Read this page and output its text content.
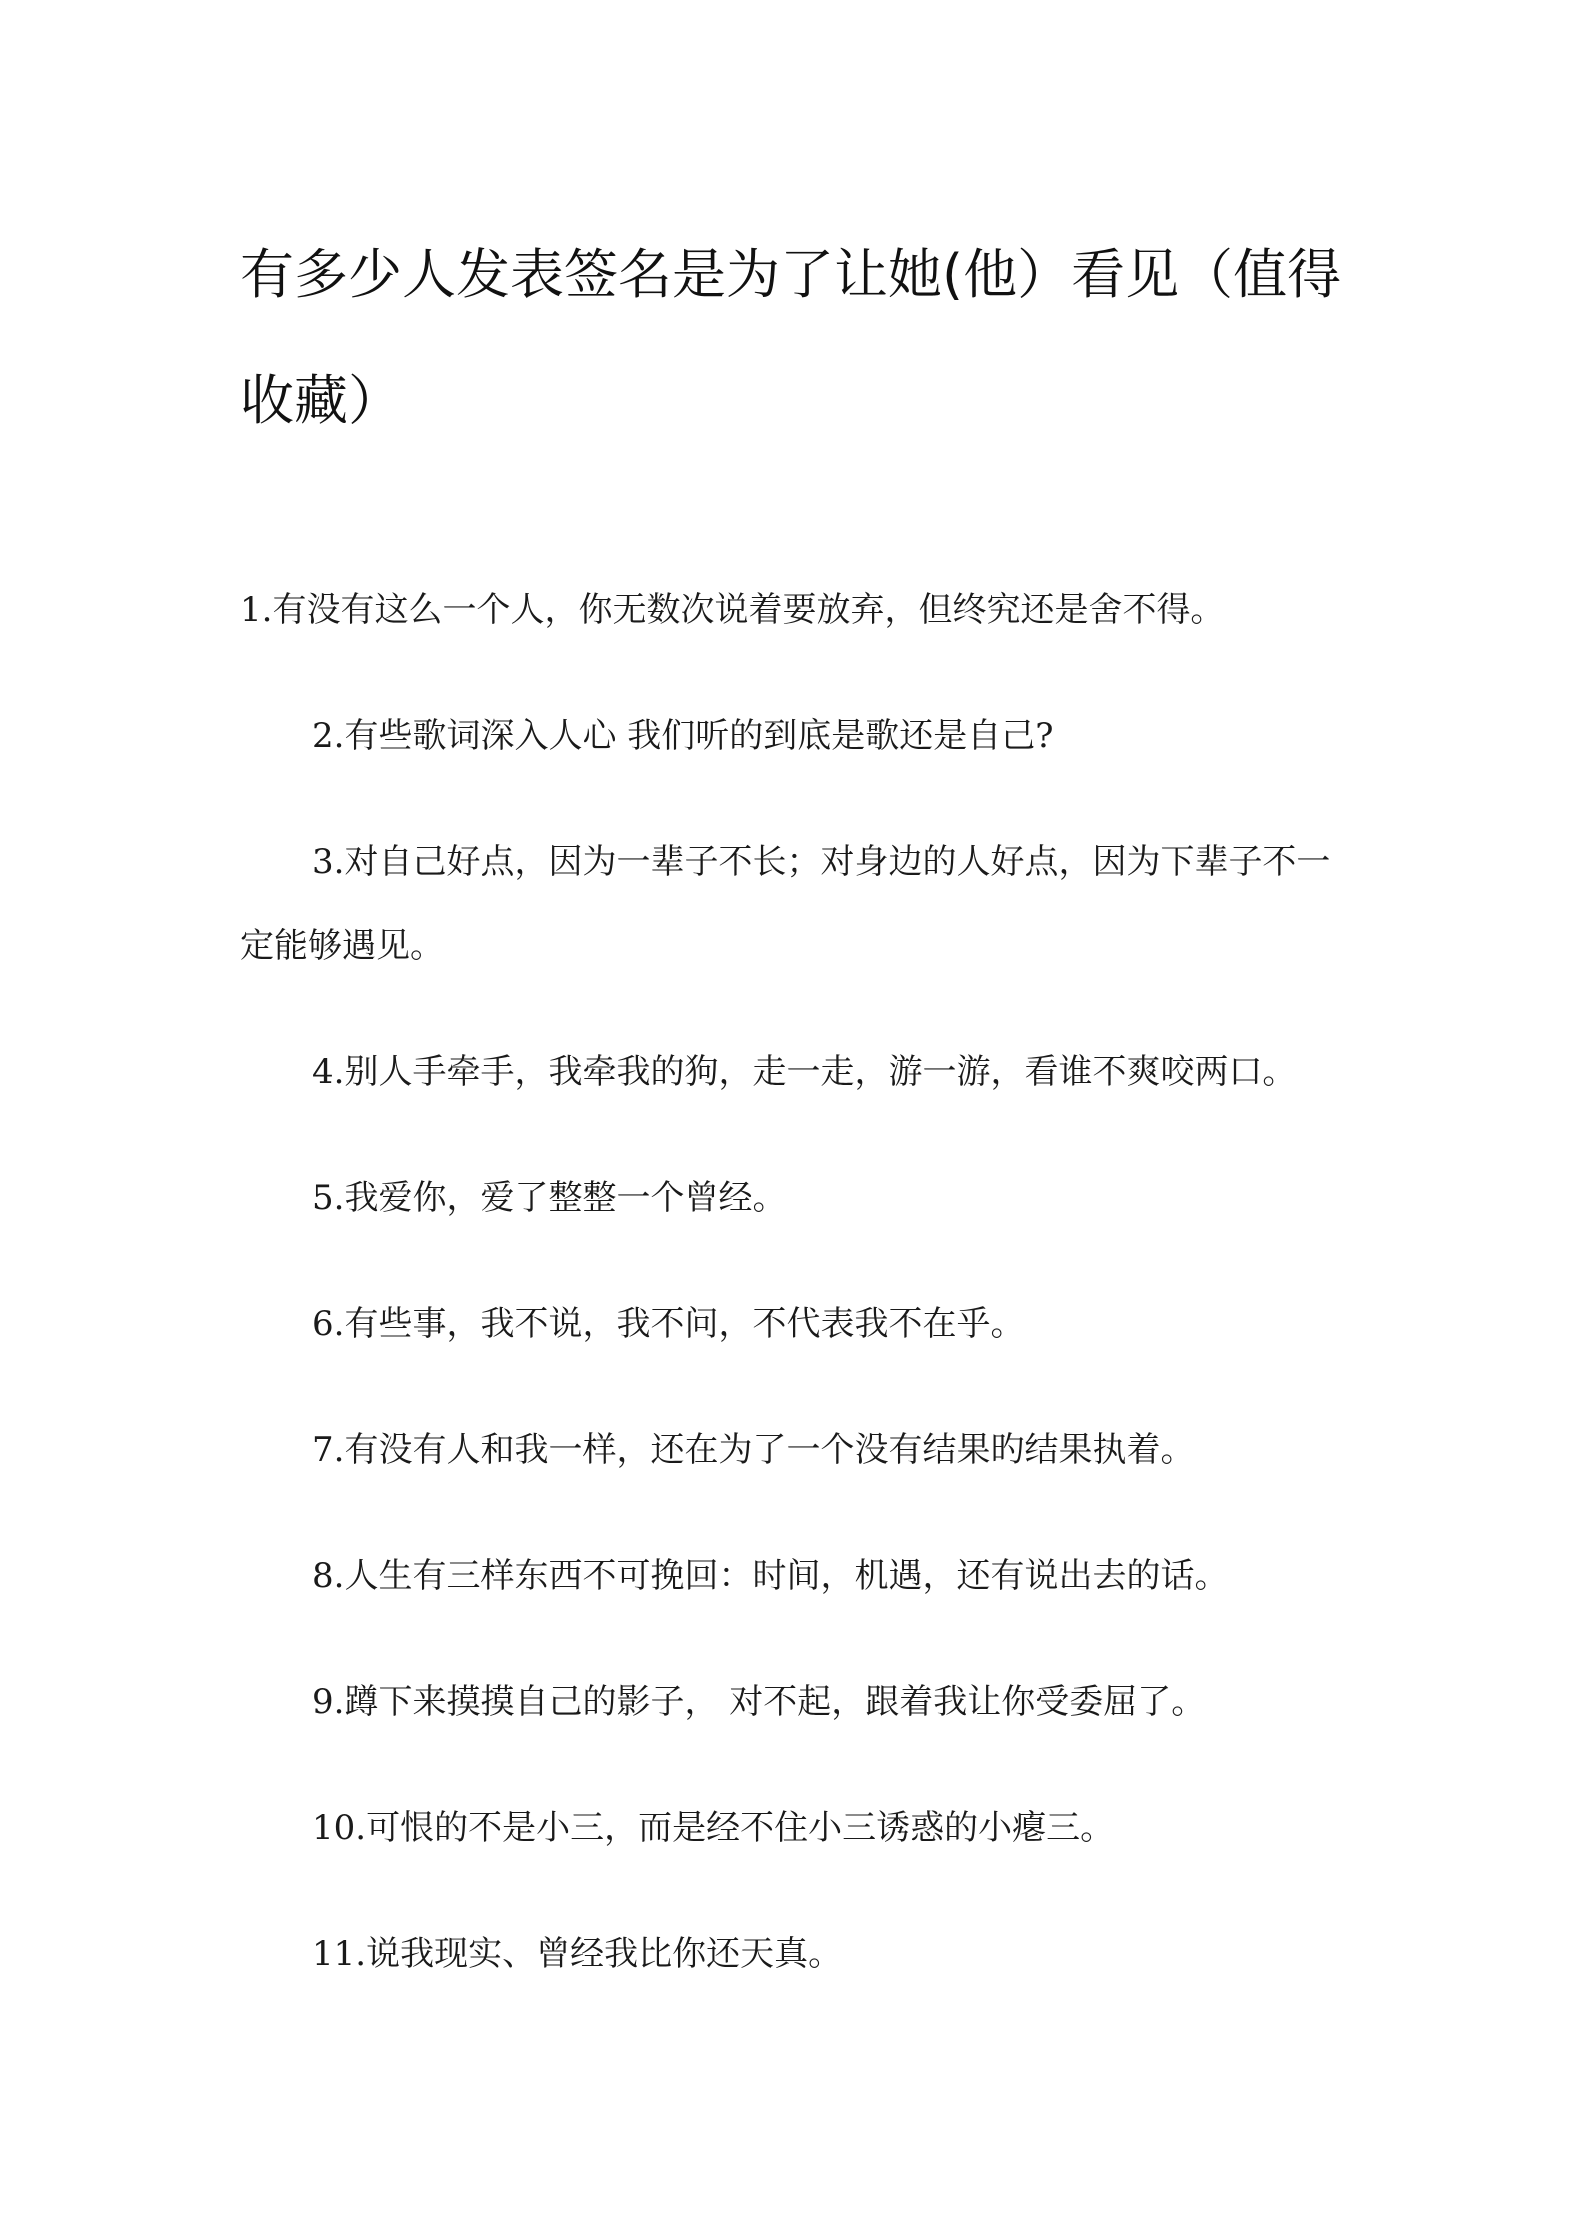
有多少人发表签名是为了让她(他）看见（值得收藏）

1.有没有这么一个人，你无数次说着要放弃，但终究还是舍不得。

2.有些歌词深入人心 我们听的到底是歌还是自己?

3.对自己好点，因为一辈子不长；对身边的人好点，因为下辈子不一定能够遇见。

4.别人手牵手，我牵我的狗，走一走，游一游，看谁不爽咬两口。

5.我爱你，爱了整整一个曾经。

6.有些事，我不说，我不问，不代表我不在乎。

7.有没有人和我一样，还在为了一个没有结果旳结果执着。

8.人生有三样东西不可挽回：时间，机遇，还有说出去的话。

9.蹲下来摸摸自己的影子， 对不起，跟着我让你受委屈了。

10.可恨的不是小三，而是经不住小三诱惑的小瘪三。

11.说我现实、曾经我比你还天真。
